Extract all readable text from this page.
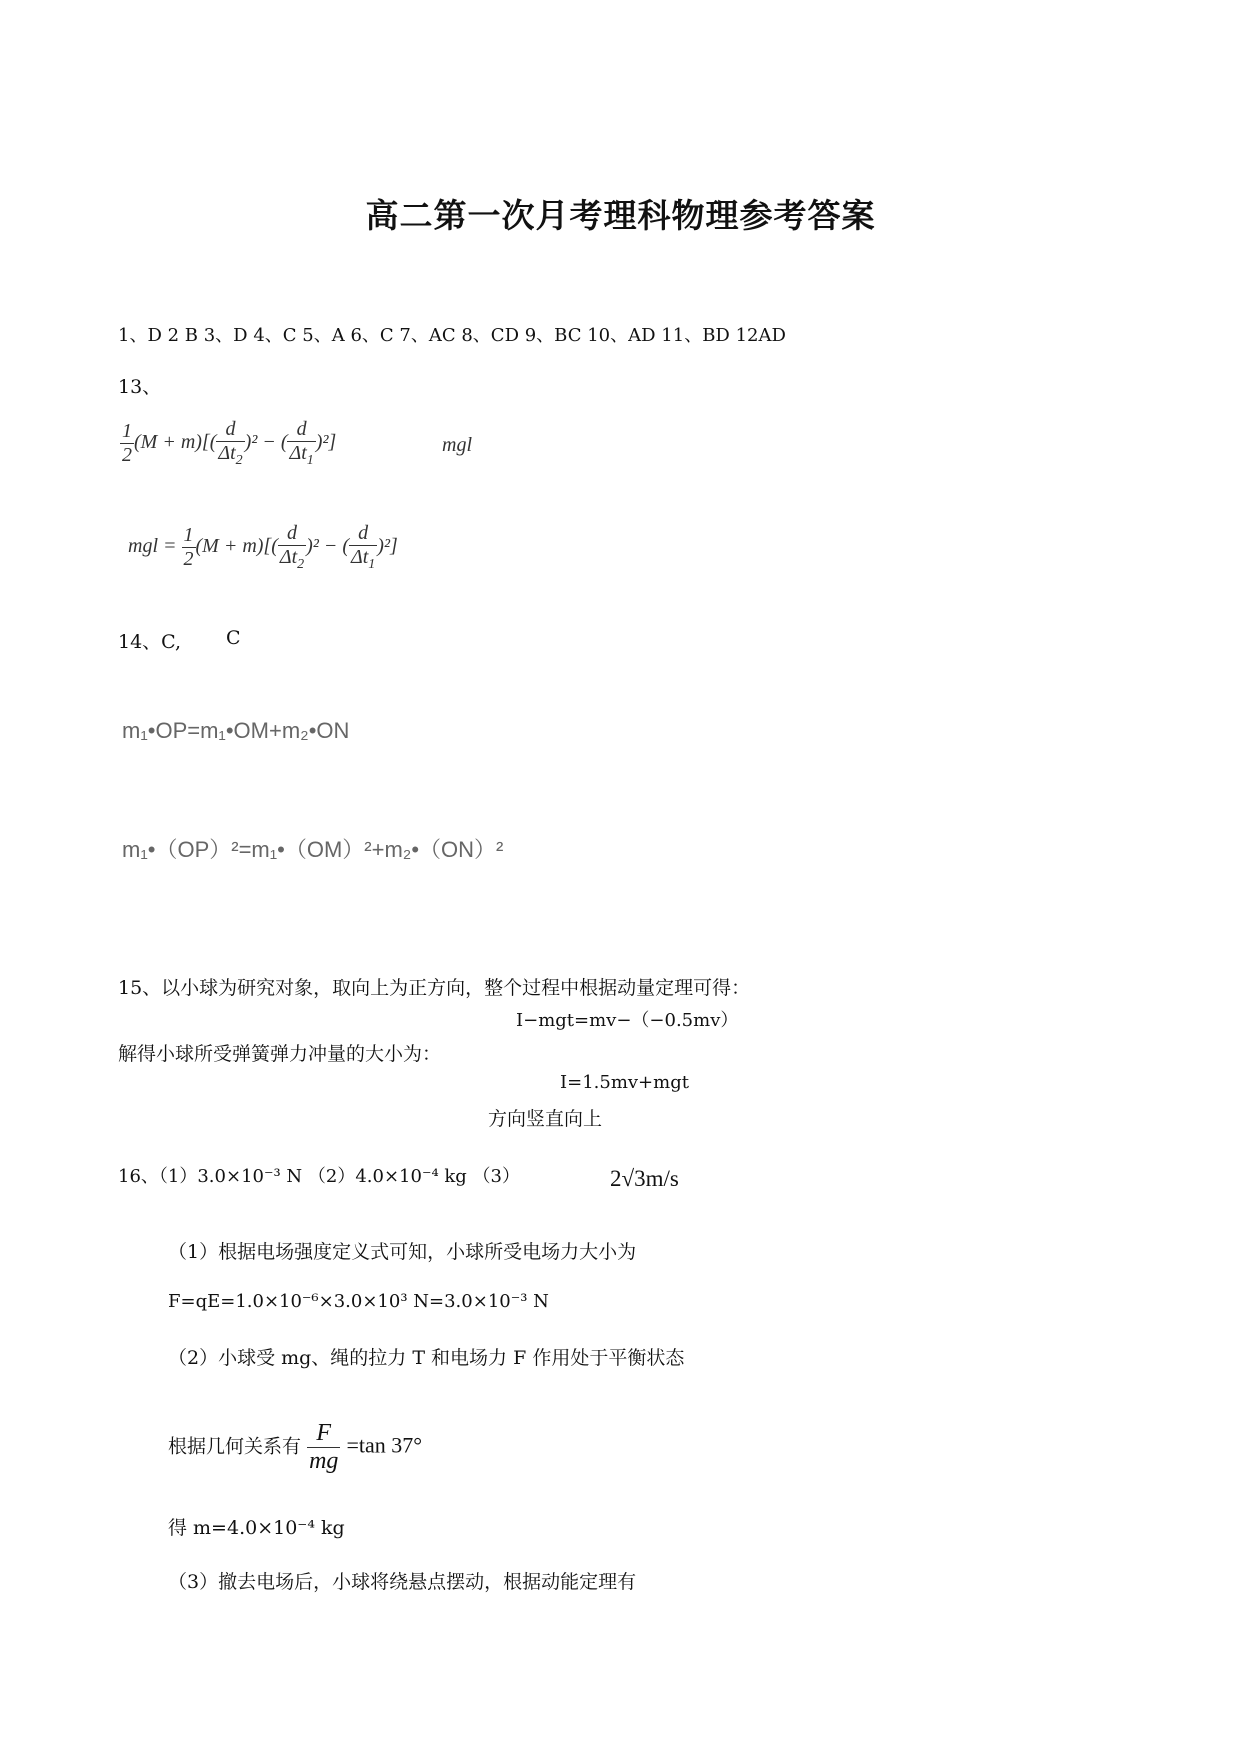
高二第一次月考理科物理参考答案
1、D 2 B 3、D 4、C 5、A 6、C 7、AC 8、CD 9、BC 10、AD 11、BD 12AD
13、
$\frac{1}{2} (M + m)[( \frac{d}{\Delta t_2} )^2$ − ( $\frac{d}{\Delta t_1} )^2$]	mgl
mgl = $\frac{1}{2} (M + m)[( \frac{d}{\Delta t_2} )^2$ − ( $\frac{d}{\Delta t_1} )^2$]
14、C, C
m₁•OP=m₁•OM+m₂•ON
m₁•（OP）²=m₁•（OM）²+m₂•（ON）²
15、以小球为研究对象，取向上为正方向，整个过程中根据动量定理可得：
I−mgt=mv−（−0.5mv）
解得小球所受弹簧弹力冲量的大小为：
I=1.5mv+mgt
方向竖直向上
16、（1）3.0×10⁻³ N （2）4.0×10⁻⁴ kg （3）	2√3m/s
（1）根据电场强度定义式可知，小球所受电场力大小为
F=qE=1.0×10⁻⁶×3.0×10³ N=3.0×10⁻³ N
（2）小球受 mg、绳的拉力 T 和电场力 F 作用处于平衡状态
根据几何关系有 $\frac{F}{mg} =\tan$ 37°
得 m=4.0×10⁻⁴ kg
（3）撤去电场后，小球将绕悬点摆动，根据动能定理有
